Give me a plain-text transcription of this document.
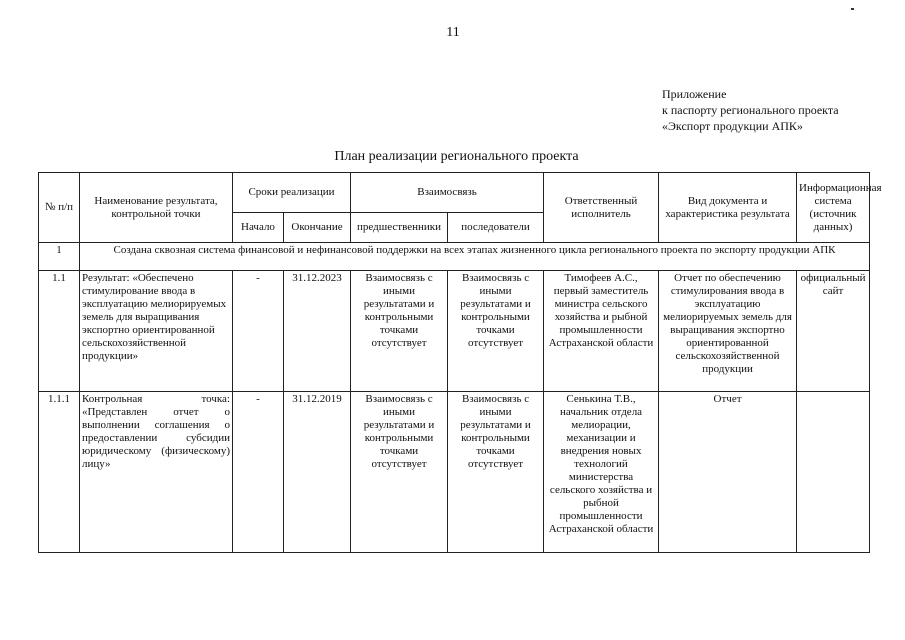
11
Приложение
к паспорту регионального проекта
«Экспорт продукции АПК»
План реализации регионального проекта
№ п/п	Наименование результата, контрольной точки	Сроки реализации		Взаимосвязь		Ответственный исполнитель	Вид документа и характеристика результата	Информационная система (источник данных)
		Начало	Окончание	предшественники	последователи			
1	Создана сквозная система финансовой и нефинансовой поддержки на всех этапах жизненного цикла регионального проекта по экспорту продукции АПК							
1.1	Результат: «Обеспечено стимулирование ввода в эксплуатацию мелиорируемых земель для выращивания экспортно ориентированной сельскохозяйственной продукции»	-	31.12.2023	Взаимосвязь с иными результатами и контрольными точками отсутствует	Взаимосвязь с иными результатами и контрольными точками отсутствует	Тимофеев А.С., первый заместитель министра сельского хозяйства и рыбной промышленности Астраханской области	Отчет по обеспечению стимулирования ввода в эксплуатацию мелиорируемых земель для выращивания экспортно ориентированной сельскохозяйственной продукции	официальный сайт
1.1.1	Контрольная точка: «Представлен отчет о выполнении соглашения о предоставлении субсидии юридическому (физическому) лицу»	-	31.12.2019	Взаимосвязь с иными результатами и контрольными точками отсутствует	Взаимосвязь с иными результатами и контрольными точками отсутствует	Сенькина Т.В., начальник отдела мелиорации, механизации и внедрения новых технологий министерства сельского хозяйства и рыбной промышленности Астраханской области	Отчет	
